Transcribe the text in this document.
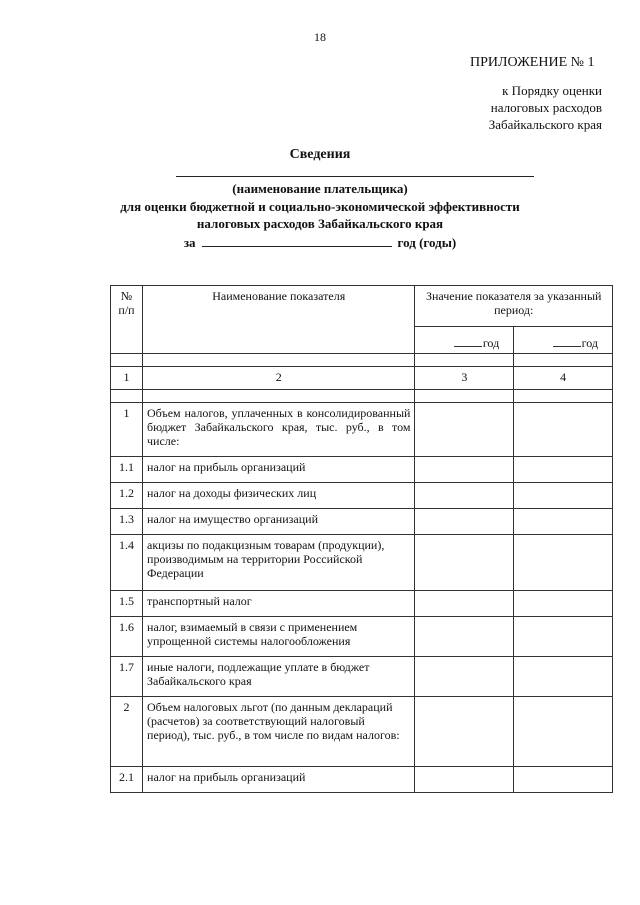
18
ПРИЛОЖЕНИЕ № 1
к Порядку оценки
налоговых расходов
Забайкальского края
Сведения
(наименование плательщика)
для оценки бюджетной и социально-экономической эффективности
налоговых расходов Забайкальского края
за	год (годы)
№ п/п	Наименование показателя	Значение показателя за указанный период:	
		год	год

1	2	3	4

1	Объем налогов, уплаченных в консолидированный бюджет Забайкальского края, тыс. руб., в том числе:		
1.1	налог на прибыль организаций		
1.2	налог на доходы физических лиц		
1.3	налог на имущество организаций		
1.4	акцизы по подакцизным товарам (продукции), производимым на территории Российской Федерации		
1.5	транспортный налог		
1.6	налог, взимаемый в связи с применением упрощенной системы налогообложения		
1.7	иные налоги, подлежащие уплате в бюджет Забайкальского края		
2	Объем налоговых льгот (по данным деклараций (расчетов) за соответствующий налоговый период), тыс. руб., в том числе по видам налогов:		
2.1	налог на прибыль организаций		
